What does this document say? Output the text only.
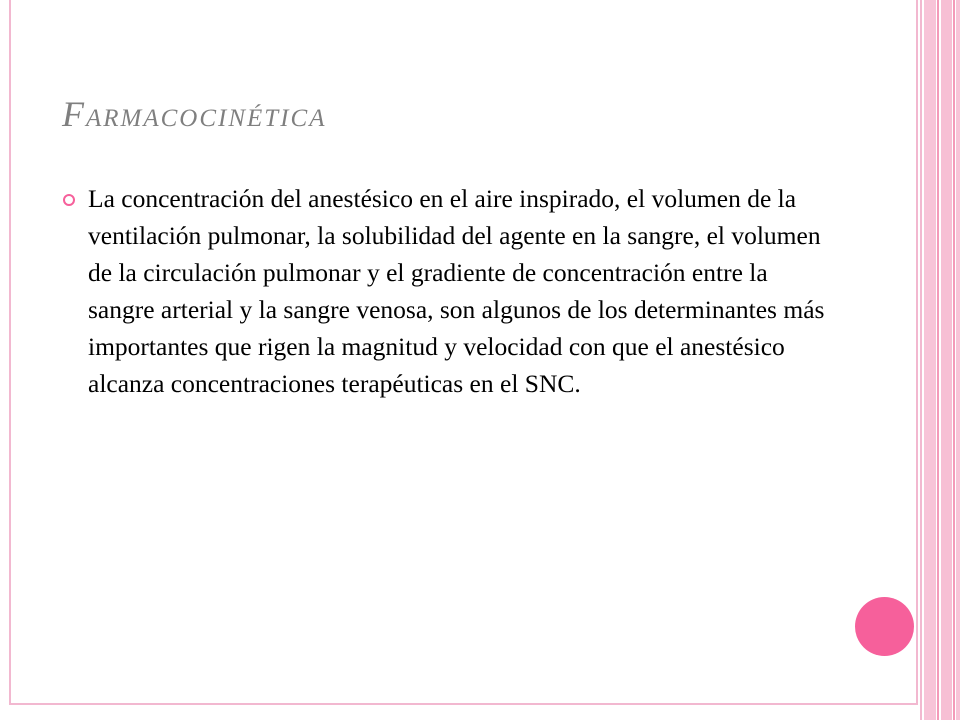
Farmacocinética
La concentración del anestésico en el aire inspirado, el volumen de la ventilación pulmonar, la solubilidad del agente en la sangre, el volumen de la circulación pulmonar y el gradiente de concentración entre la sangre arterial y la sangre venosa, son algunos de los determinantes más importantes que rigen la magnitud y velocidad con que el anestésico alcanza concentraciones terapéuticas en el SNC.
